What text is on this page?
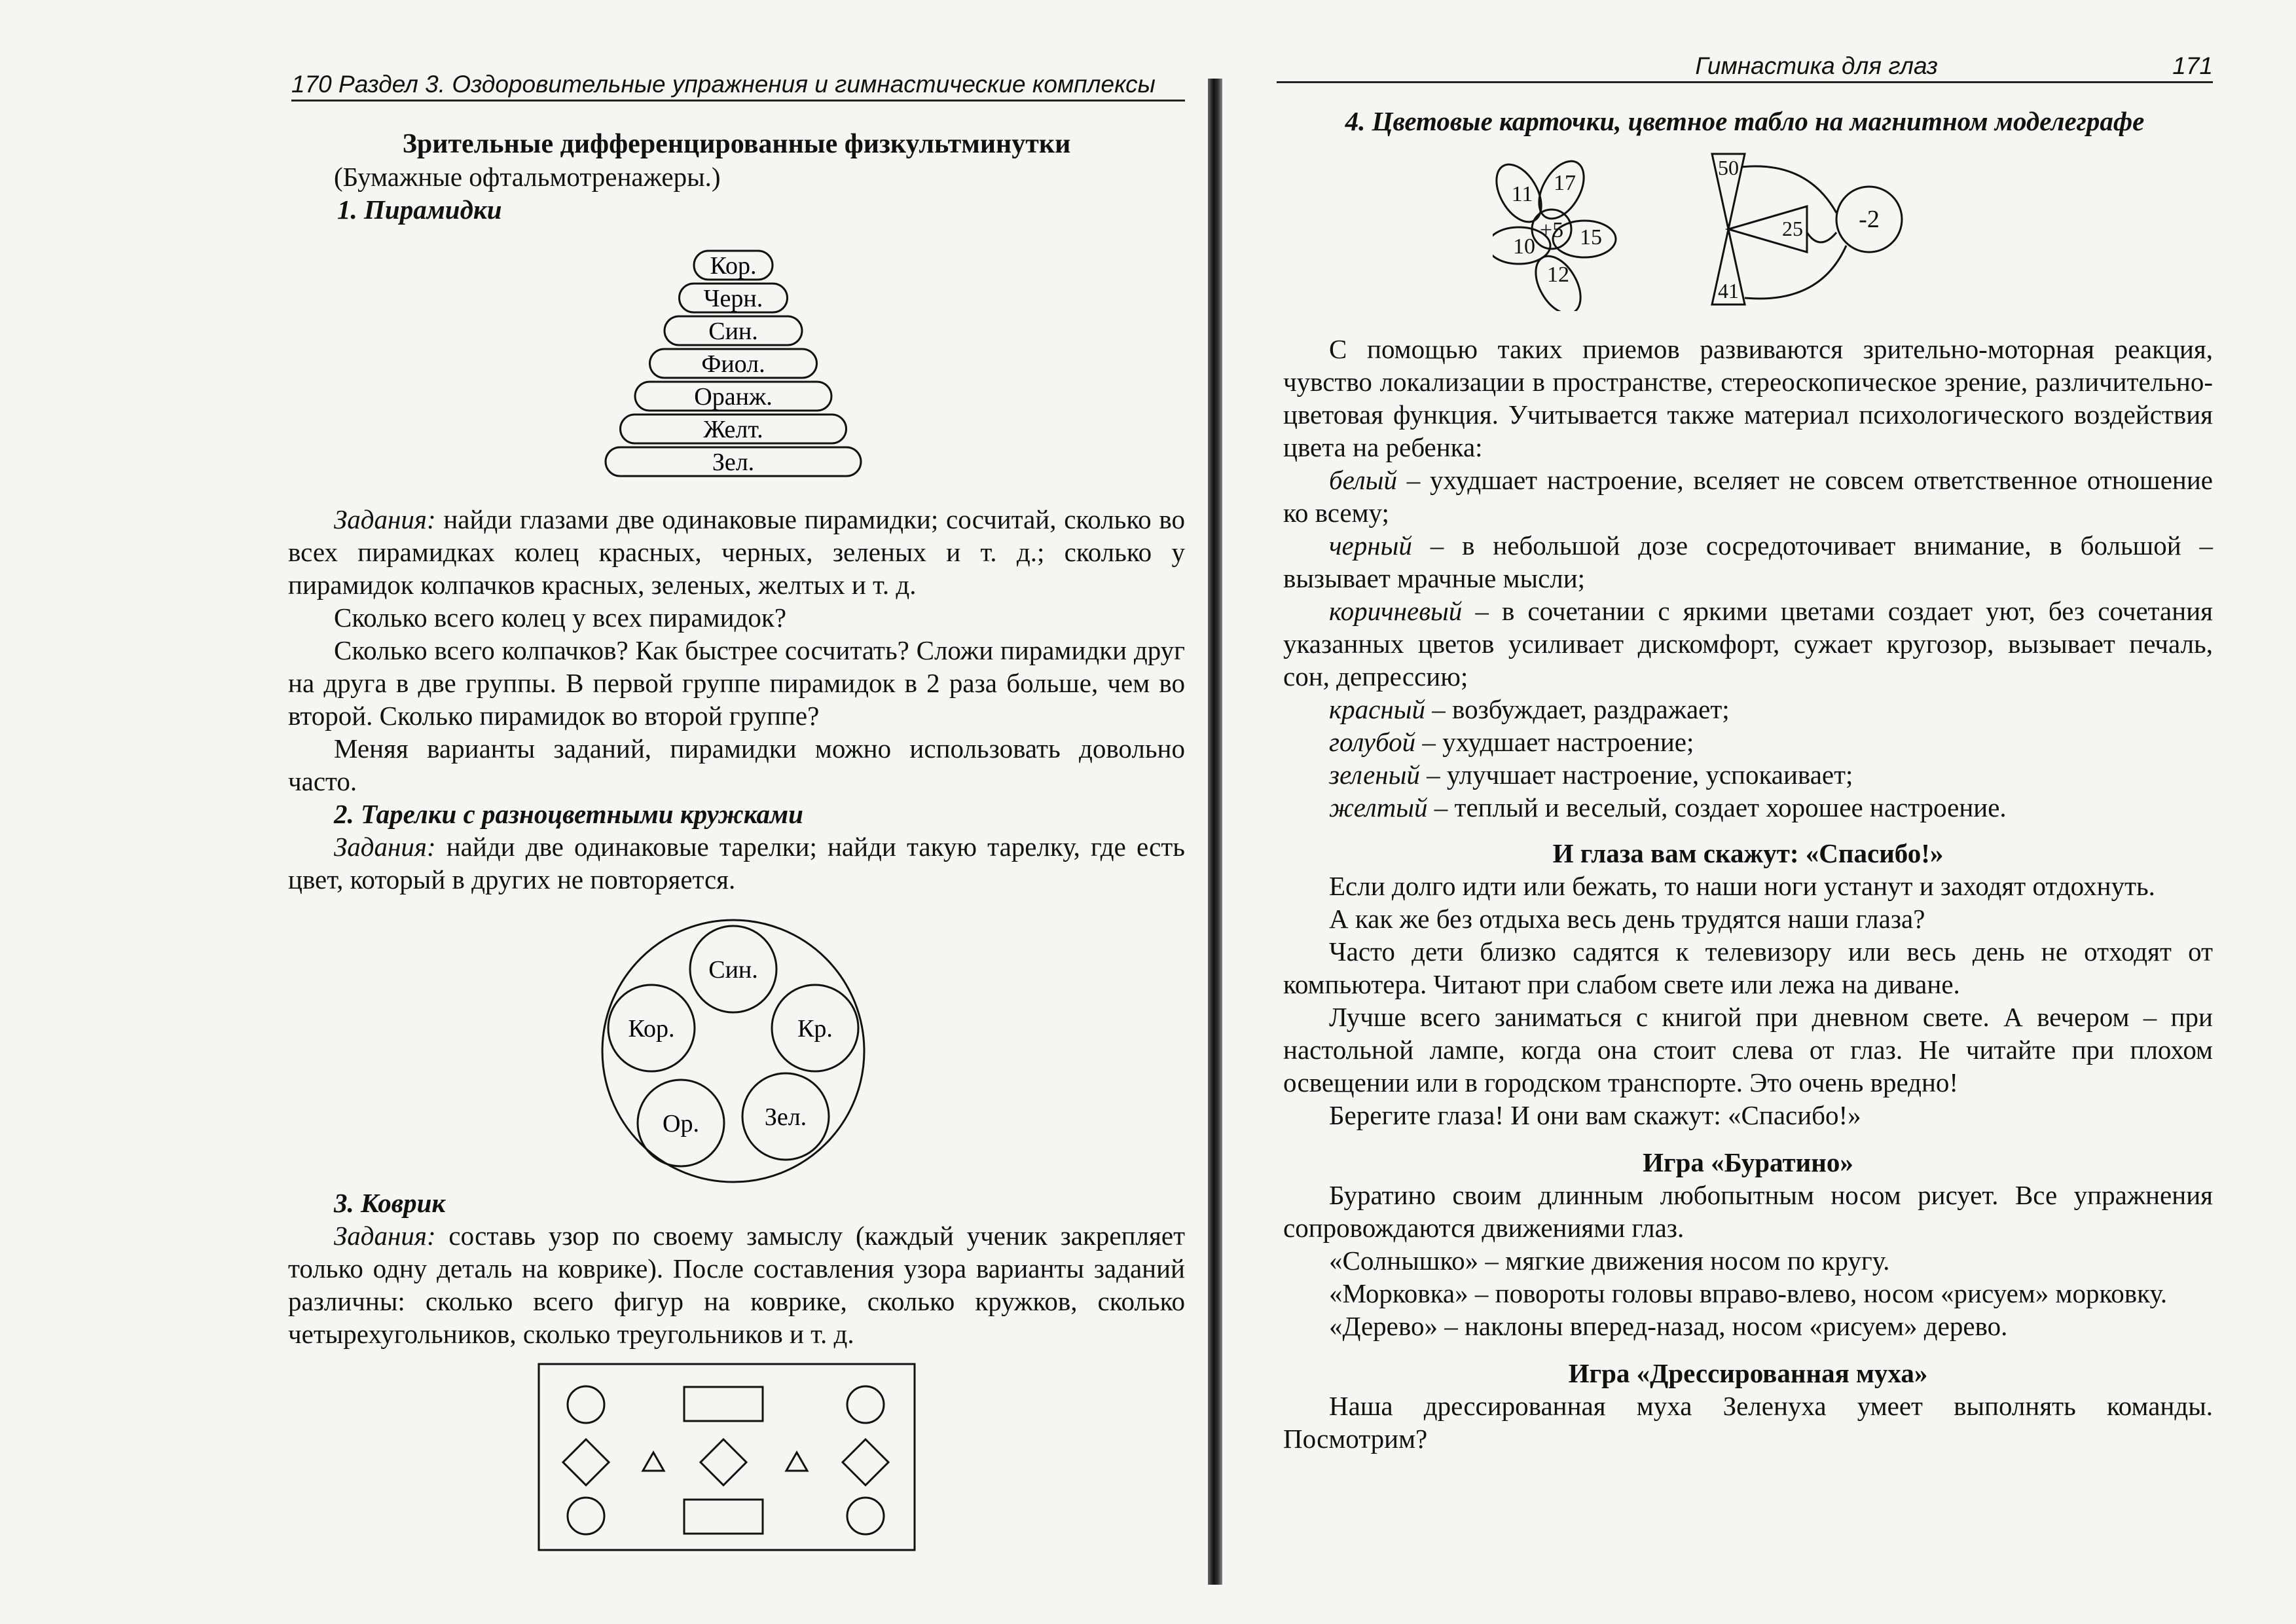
170 Раздел 3. Оздоровительные упражнения и гимнастические комплексы
Зрительные дифференцированные физкультминутки
(Бумажные офтальмотренажеры.)
1. Пирамидки
Кор.
Черн.
Син.
Фиол.
Оранж.
Желт.
Зел.

Задания: найди глазами две одинаковые пирамидки; сосчитай, сколько во всех пирамидках колец красных, черных, зеленых и т. д.; сколько у пирамидок колпачков красных, зеленых, желтых и т. д.

Сколько всего колец у всех пирамидок?

Сколько всего колпачков? Как быстрее сосчитать? Сложи пирамидки друг на друга в две группы. В первой группе пирамидок в 2 раза больше, чем во второй. Сколько пирамидок во второй группе?

Меняя варианты заданий, пирамидки можно использовать довольно часто.

2. Тарелки с разноцветными кружками

Задания: найди две одинаковые тарелки; найди такую тарелку, где есть цвет, который в других не повторяется.

Син.
Кор.	Кр.
Ор.	Зел.

3. Коврик

Задания: составь узор по своему замыслу (каждый ученик закрепляет только одну деталь на коврике). После составления узора варианты заданий различны: сколько всего фигур на коврике, сколько кружков, сколько четырехугольников, сколько треугольников и т. д.

Гимнастика для глаз	171
4. Цветовые карточки, цветное табло на магнитном моделеграфе
+5
11 17
15
12
10
50
25
41
-2

С помощью таких приемов развиваются зрительно-моторная реакция, чувство локализации в пространстве, стереоскопическое зрение, различительно-цветовая функция. Учитывается также материал психологического воздействия цвета на ребенка:

белый – ухудшает настроение, вселяет не совсем ответственное отношение ко всему;

черный – в небольшой дозе сосредоточивает внимание, в большой – вызывает мрачные мысли;

коричневый – в сочетании с яркими цветами создает уют, без сочетания указанных цветов усиливает дискомфорт, сужает кругозор, вызывает печаль, сон, депрессию;

красный – возбуждает, раздражает;

голубой – ухудшает настроение;

зеленый – улучшает настроение, успокаивает;

желтый – теплый и веселый, создает хорошее настроение.

И глаза вам скажут: «Спасибо!»

Если долго идти или бежать, то наши ноги устанут и заходят отдохнуть.

А как же без отдыха весь день трудятся наши глаза?

Часто дети близко садятся к телевизору или весь день не отходят от компьютера. Читают при слабом свете или лежа на диване.

Лучше всего заниматься с книгой при дневном свете. А вечером – при настольной лампе, когда она стоит слева от глаз. Не читайте при плохом освещении или в городском транспорте. Это очень вредно!

Берегите глаза! И они вам скажут: «Спасибо!»

Игра «Буратино»

Буратино своим длинным любопытным носом рисует. Все упражнения сопровождаются движениями глаз.

«Солнышко» – мягкие движения носом по кругу.

«Морковка» – повороты головы вправо-влево, носом «рисуем» морковку.

«Дерево» – наклоны вперед-назад, носом «рисуем» дерево.

Игра «Дрессированная муха»

Наша дрессированная муха Зеленуха умеет выполнять команды. Посмотрим?
